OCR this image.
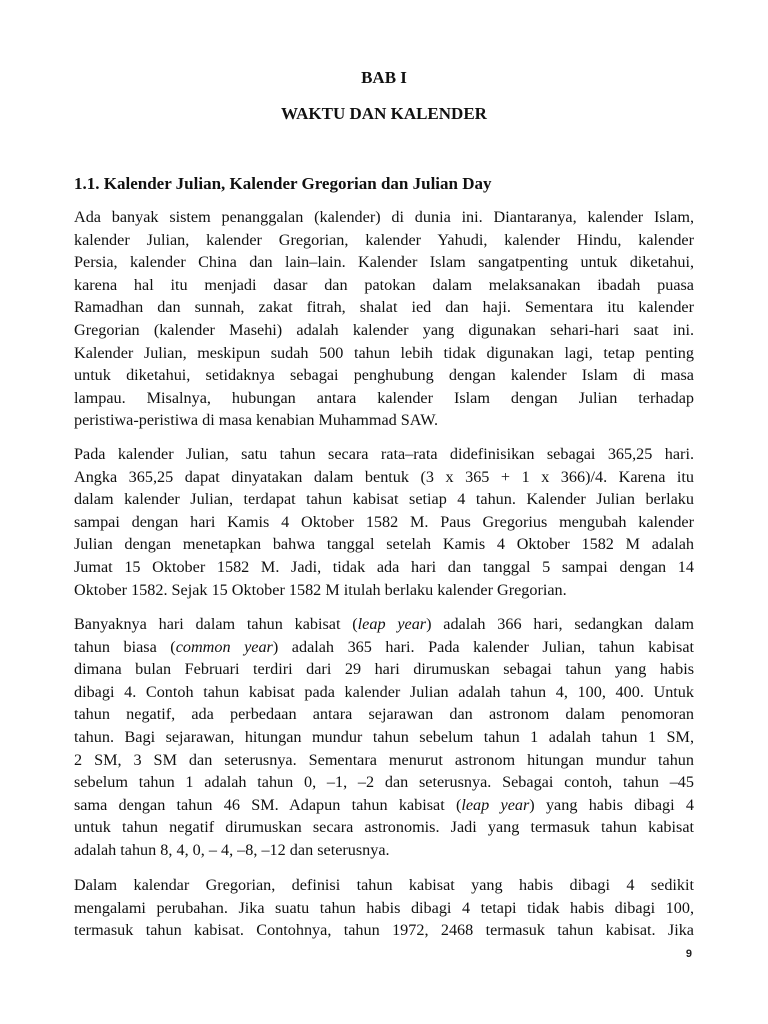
BAB I
WAKTU DAN KALENDER
1.1. Kalender Julian, Kalender Gregorian dan Julian Day
Ada banyak sistem penanggalan (kalender) di dunia ini. Diantaranya, kalender Islam,
kalender Julian, kalender Gregorian, kalender Yahudi, kalender Hindu, kalender
Persia, kalender China dan lain–lain. Kalender Islam sangatpenting untuk diketahui,
karena hal itu menjadi dasar dan patokan dalam melaksanakan ibadah puasa
Ramadhan dan sunnah, zakat fitrah, shalat ied dan haji. Sementara itu kalender
Gregorian (kalender Masehi) adalah kalender yang digunakan sehari-hari saat ini.
Kalender Julian, meskipun sudah 500 tahun lebih tidak digunakan lagi, tetap penting
untuk diketahui, setidaknya sebagai penghubung dengan kalender Islam di masa
lampau. Misalnya, hubungan antara kalender Islam dengan Julian terhadap
peristiwa-peristiwa di masa kenabian Muhammad SAW.
Pada kalender Julian, satu tahun secara rata–rata didefinisikan sebagai 365,25 hari.
Angka 365,25 dapat dinyatakan dalam bentuk (3 x 365 + 1 x 366)/4. Karena itu
dalam kalender Julian, terdapat tahun kabisat setiap 4 tahun. Kalender Julian berlaku
sampai dengan hari Kamis 4 Oktober 1582 M. Paus Gregorius mengubah kalender
Julian dengan menetapkan bahwa tanggal setelah Kamis 4 Oktober 1582 M adalah
Jumat 15 Oktober 1582 M. Jadi, tidak ada hari dan tanggal 5 sampai dengan 14
Oktober 1582. Sejak 15 Oktober 1582 M itulah berlaku kalender Gregorian.
Banyaknya hari dalam tahun kabisat (leap year) adalah 366 hari, sedangkan dalam
tahun biasa (common year) adalah 365 hari. Pada kalender Julian, tahun kabisat
dimana bulan Februari terdiri dari 29 hari dirumuskan sebagai tahun yang habis
dibagi 4. Contoh tahun kabisat pada kalender Julian adalah tahun 4, 100, 400. Untuk
tahun negatif, ada perbedaan antara sejarawan dan astronom dalam penomoran
tahun. Bagi sejarawan, hitungan mundur tahun sebelum tahun 1 adalah tahun 1 SM,
2 SM, 3 SM dan seterusnya. Sementara menurut astronom hitungan mundur tahun
sebelum tahun 1 adalah tahun 0, –1, –2 dan seterusnya. Sebagai contoh, tahun –45
sama dengan tahun 46 SM. Adapun tahun kabisat (leap year) yang habis dibagi 4
untuk tahun negatif dirumuskan secara astronomis. Jadi yang termasuk tahun kabisat
adalah tahun 8, 4, 0, – 4, –8, –12 dan seterusnya.
Dalam kalendar Gregorian, definisi tahun kabisat yang habis dibagi 4 sedikit
mengalami perubahan. Jika suatu tahun habis dibagi 4 tetapi tidak habis dibagi 100,
termasuk tahun kabisat. Contohnya, tahun 1972, 2468 termasuk tahun kabisat. Jika
9
